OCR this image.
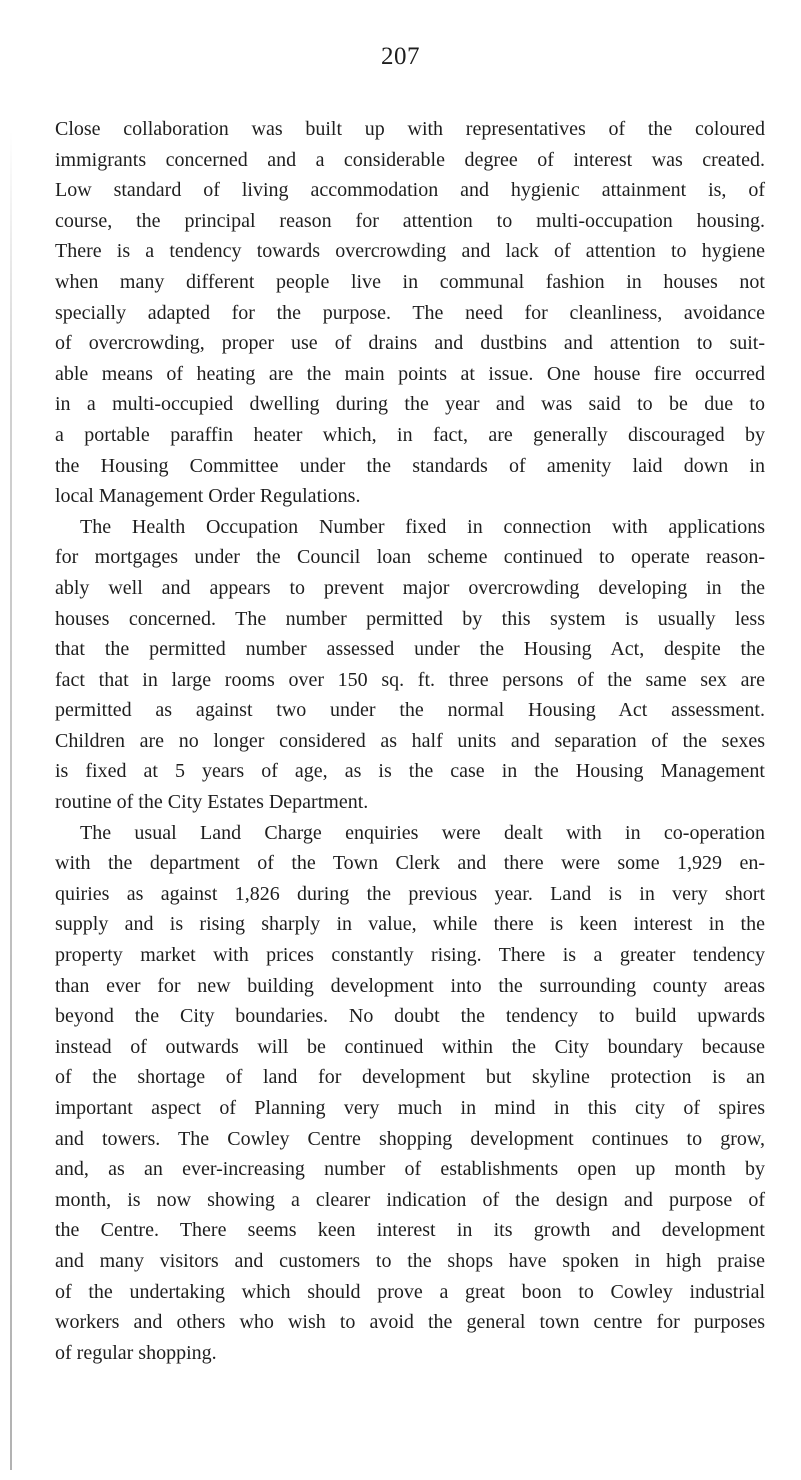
207
Close collaboration was built up with representatives of the coloured
immigrants concerned and a considerable degree of interest was created.
Low standard of living accommodation and hygienic attainment is, of
course, the principal reason for attention to multi-occupation housing.
There is a tendency towards overcrowding and lack of attention to hygiene
when many different people live in communal fashion in houses not
specially adapted for the purpose. The need for cleanliness, avoidance
of overcrowding, proper use of drains and dustbins and attention to suit-
able means of heating are the main points at issue. One house fire occurred
in a multi-occupied dwelling during the year and was said to be due to
a portable paraffin heater which, in fact, are generally discouraged by
the Housing Committee under the standards of amenity laid down in
local Management Order Regulations.
The Health Occupation Number fixed in connection with applications
for mortgages under the Council loan scheme continued to operate reason-
ably well and appears to prevent major overcrowding developing in the
houses concerned. The number permitted by this system is usually less
that the permitted number assessed under the Housing Act, despite the
fact that in large rooms over 150 sq. ft. three persons of the same sex are
permitted as against two under the normal Housing Act assessment.
Children are no longer considered as half units and separation of the sexes
is fixed at 5 years of age, as is the case in the Housing Management
routine of the City Estates Department.
The usual Land Charge enquiries were dealt with in co-operation
with the department of the Town Clerk and there were some 1,929 en-
quiries as against 1,826 during the previous year. Land is in very short
supply and is rising sharply in value, while there is keen interest in the
property market with prices constantly rising. There is a greater tendency
than ever for new building development into the surrounding county areas
beyond the City boundaries. No doubt the tendency to build upwards
instead of outwards will be continued within the City boundary because
of the shortage of land for development but skyline protection is an
important aspect of Planning very much in mind in this city of spires
and towers. The Cowley Centre shopping development continues to grow,
and, as an ever-increasing number of establishments open up month by
month, is now showing a clearer indication of the design and purpose of
the Centre. There seems keen interest in its growth and development
and many visitors and customers to the shops have spoken in high praise
of the undertaking which should prove a great boon to Cowley industrial
workers and others who wish to avoid the general town centre for purposes
of regular shopping.
